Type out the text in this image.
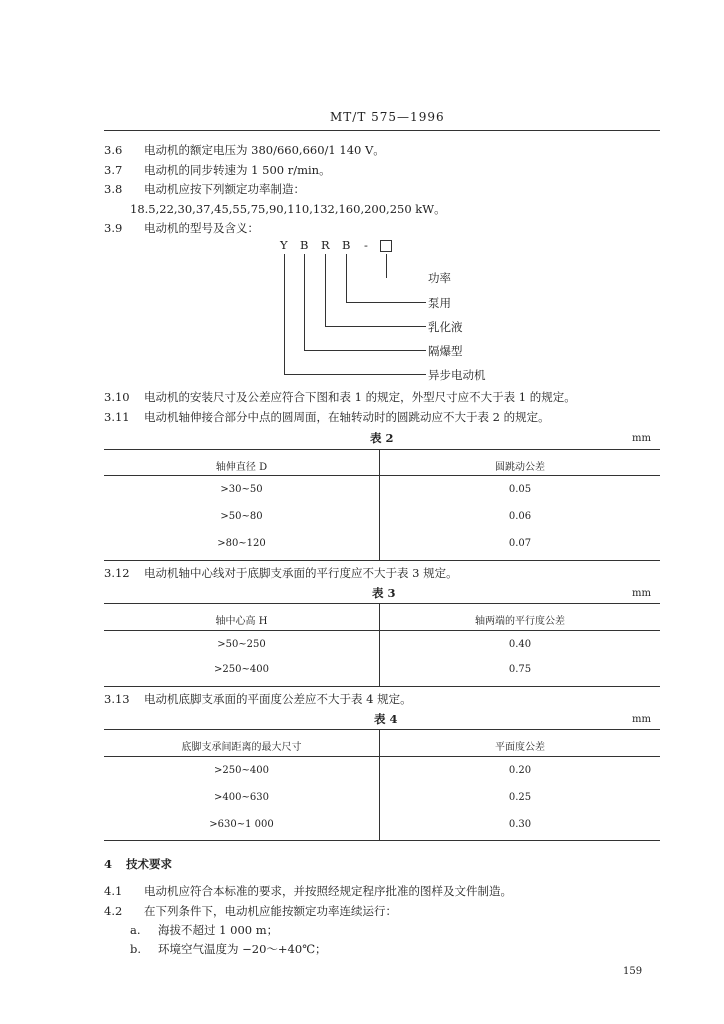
MT/T 575—1996
3.6 电动机的额定电压为 380/660,660/1 140 V。
3.7 电动机的同步转速为 1 500 r/min。
3.8 电动机应按下列额定功率制造：
18.5,22,30,37,45,55,75,90,110,132,160,200,250 kW。
3.9 电动机的型号及含义：
Y B R B -
功率
泵用
乳化液
隔爆型
异步电动机
3.10 电动机的安装尺寸及公差应符合下图和表 1 的规定，外型尺寸应不大于表 1 的规定。
3.11 电动机轴伸接合部分中点的圆周面，在轴转动时的圆跳动应不大于表 2 的规定。
表 2	mm
轴伸直径 D	圆跳动公差
>30~50	0.05
>50~80	0.06
>80~120	0.07
3.12 电动机轴中心线对于底脚支承面的平行度应不大于表 3 规定。
表 3	mm
轴中心高 H	轴两端的平行度公差
>50~250	0.40
>250~400	0.75
3.13 电动机底脚支承面的平面度公差应不大于表 4 规定。
表 4	mm
底脚支承间距离的最大尺寸	平面度公差
>250~400	0.20
>400~630	0.25
>630~1 000	0.30
4 技术要求
4.1 电动机应符合本标准的要求，并按照经规定程序批准的图样及文件制造。
4.2 在下列条件下，电动机应能按额定功率连续运行：
a. 海拔不超过 1 000 m；
b. 环境空气温度为 −20～+40℃；
159
